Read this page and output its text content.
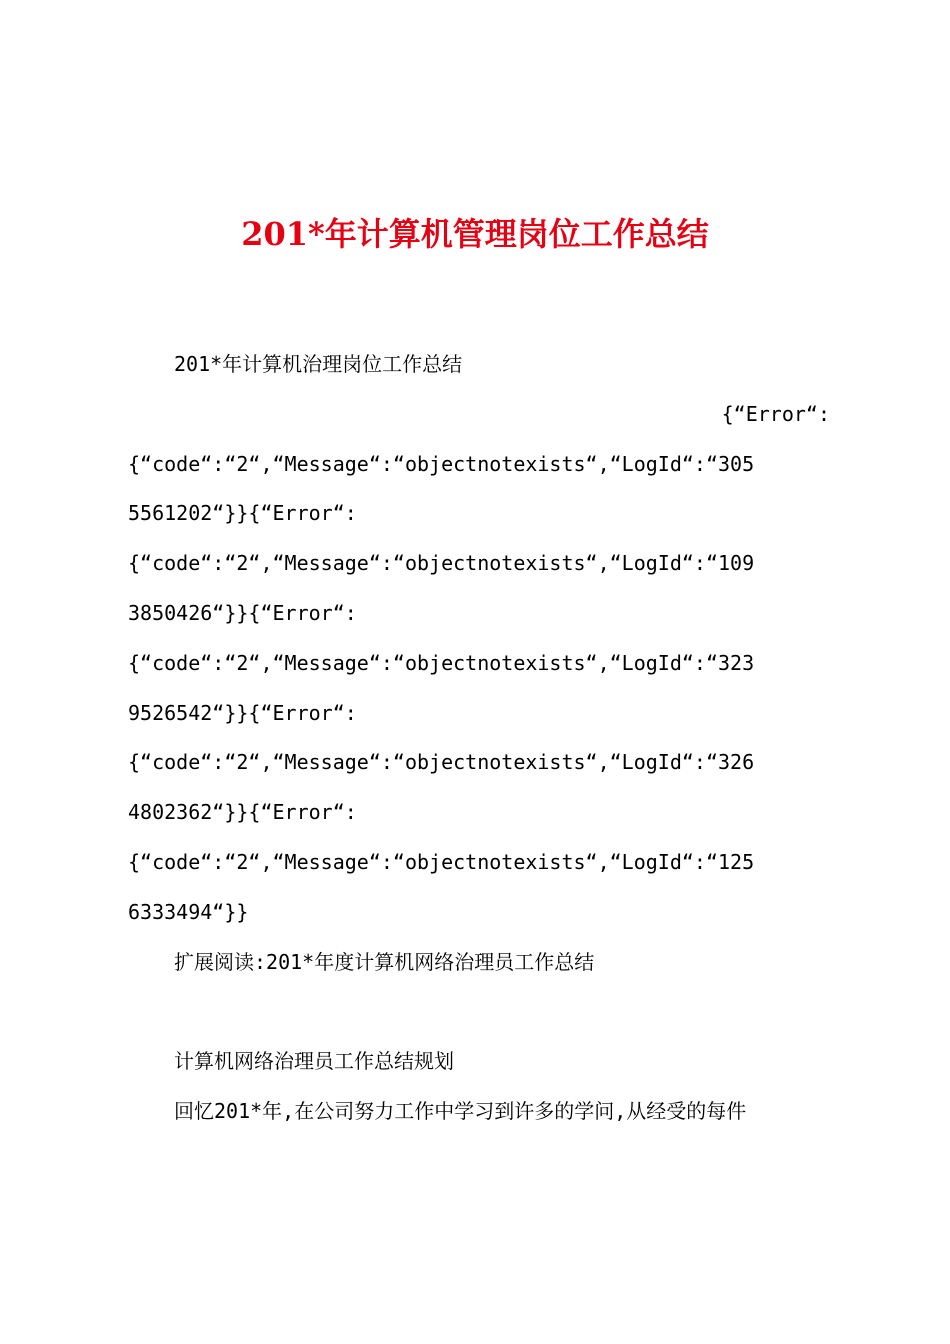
201*年计算机管理岗位工作总结

201*年计算机治理岗位工作总结

{“Error“:

{“code“:“2“,“Message“:“objectnotexists“,“LogId“:“305

5561202“}}{“Error“:

{“code“:“2“,“Message“:“objectnotexists“,“LogId“:“109

3850426“}}{“Error“:

{“code“:“2“,“Message“:“objectnotexists“,“LogId“:“323

9526542“}}{“Error“:

{“code“:“2“,“Message“:“objectnotexists“,“LogId“:“326

4802362“}}{“Error“:

{“code“:“2“,“Message“:“objectnotexists“,“LogId“:“125

6333494“}}

扩展阅读:201*年度计算机网络治理员工作总结

计算机网络治理员工作总结规划

回忆201*年,在公司努力工作中学习到许多的学问,从经受的每件
